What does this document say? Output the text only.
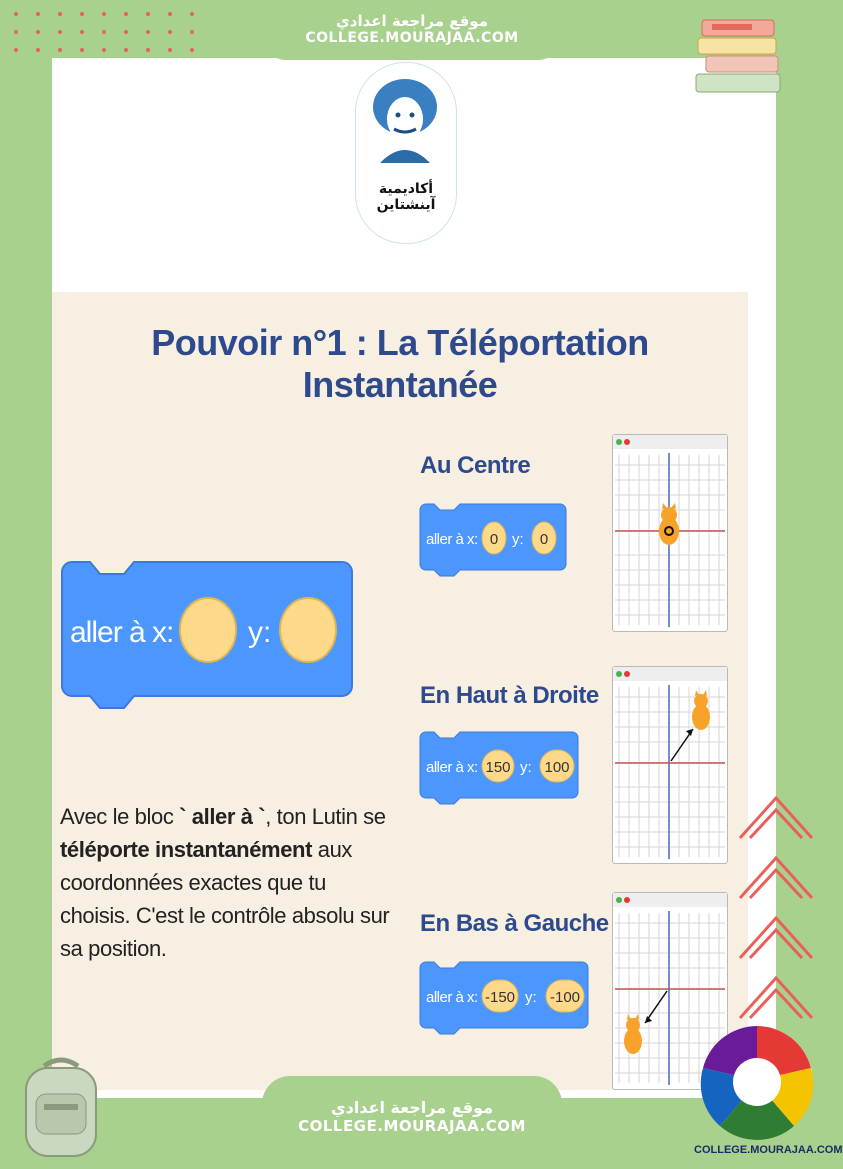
موقع مراجعة اعدادي
COLLEGE.MOURAJAA.COM
أكاديمية آينشتاين
Pouvoir n°1 : La Téléportation Instantanée
aller à x: y:
Avec le bloc ` aller à `, ton Lutin se téléporte instantanément aux coordonnées exactes que tu choisis. C'est le contrôle absolu sur sa position.
Au Centre
aller à x: 0 y: 0
En Haut à Droite
aller à x: 150 y: 100
En Bas à Gauche
aller à x: -150 y: -100
موقع مراجعة اعدادي
COLLEGE.MOURAJAA.COM
COLLEGE.MOURAJAA.COM
